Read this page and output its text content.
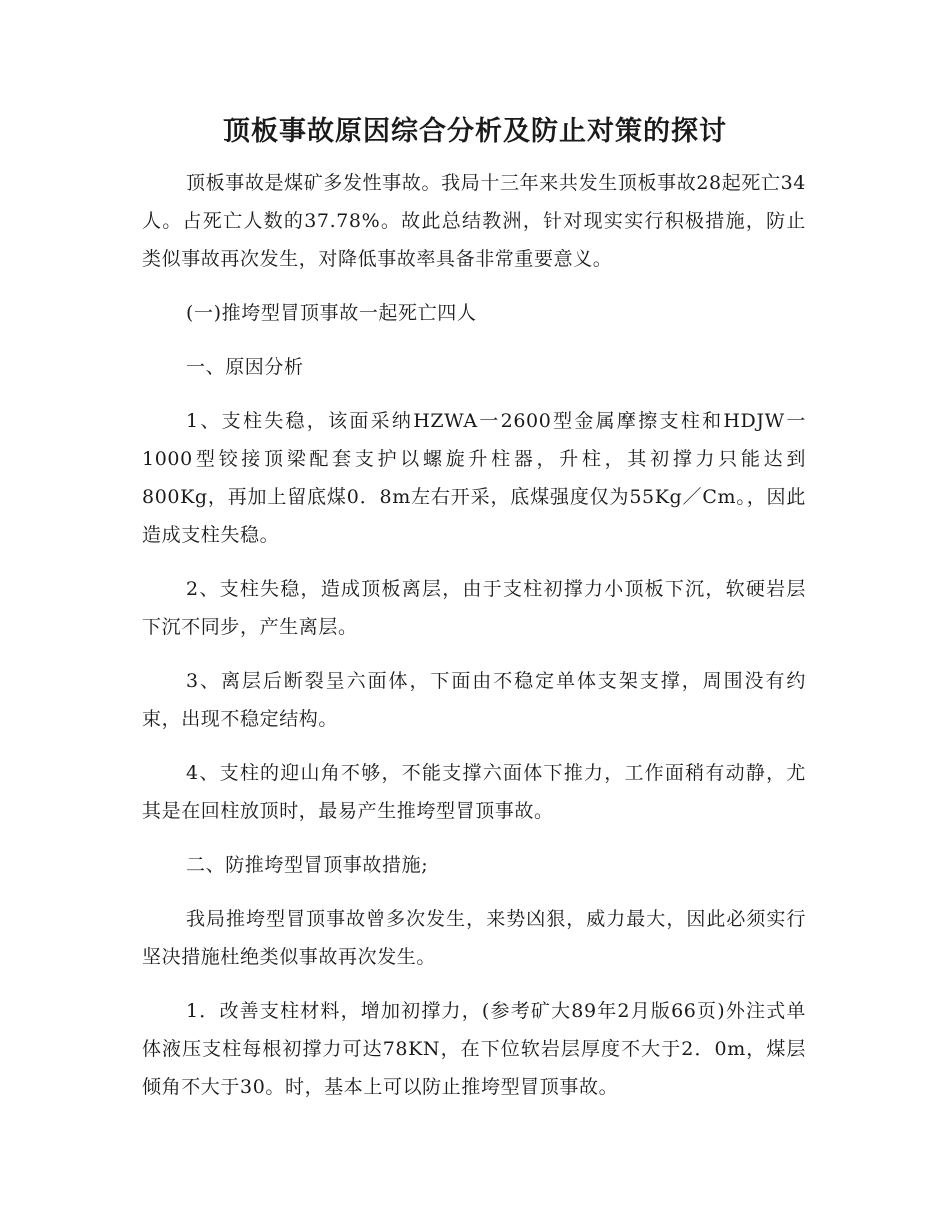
顶板事故原因综合分析及防止对策的探讨

顶板事故是煤矿多发性事故。我局十三年来共发生顶板事故28起死亡34人。占死亡人数的37.78%。故此总结教洲，针对现实实行积极措施，防止类似事故再次发生，对降低事故率具备非常重要意义。

(一)推垮型冒顶事故一起死亡四人

一、原因分析

1、支柱失稳，该面采纳HZWA一2600型金属摩擦支柱和HDJW一1000型铰接顶梁配套支护以螺旋升柱器，升柱，其初撑力只能达到800Kg，再加上留底煤0．8m左右开采，底煤强度仅为55Kg／Cm。，因此造成支柱失稳。

2、支柱失稳，造成顶板离层，由于支柱初撑力小顶板下沉，软硬岩层下沉不同步，产生离层。

3、离层后断裂呈六面体，下面由不稳定单体支架支撑，周围没有约束，出现不稳定结构。

4、支柱的迎山角不够，不能支撑六面体下推力，工作面稍有动静，尤其是在回柱放顶时，最易产生推垮型冒顶事故。

二、防推垮型冒顶事故措施;

我局推垮型冒顶事故曾多次发生，来势凶狠，威力最大，因此必须实行坚决措施杜绝类似事故再次发生。

1．改善支柱材料，增加初撑力，(参考矿大89年2月版66页)外注式单体液压支柱每根初撑力可达78KN，在下位软岩层厚度不大于2．0m，煤层倾角不大于30。时，基本上可以防止推垮型冒顶事故。
